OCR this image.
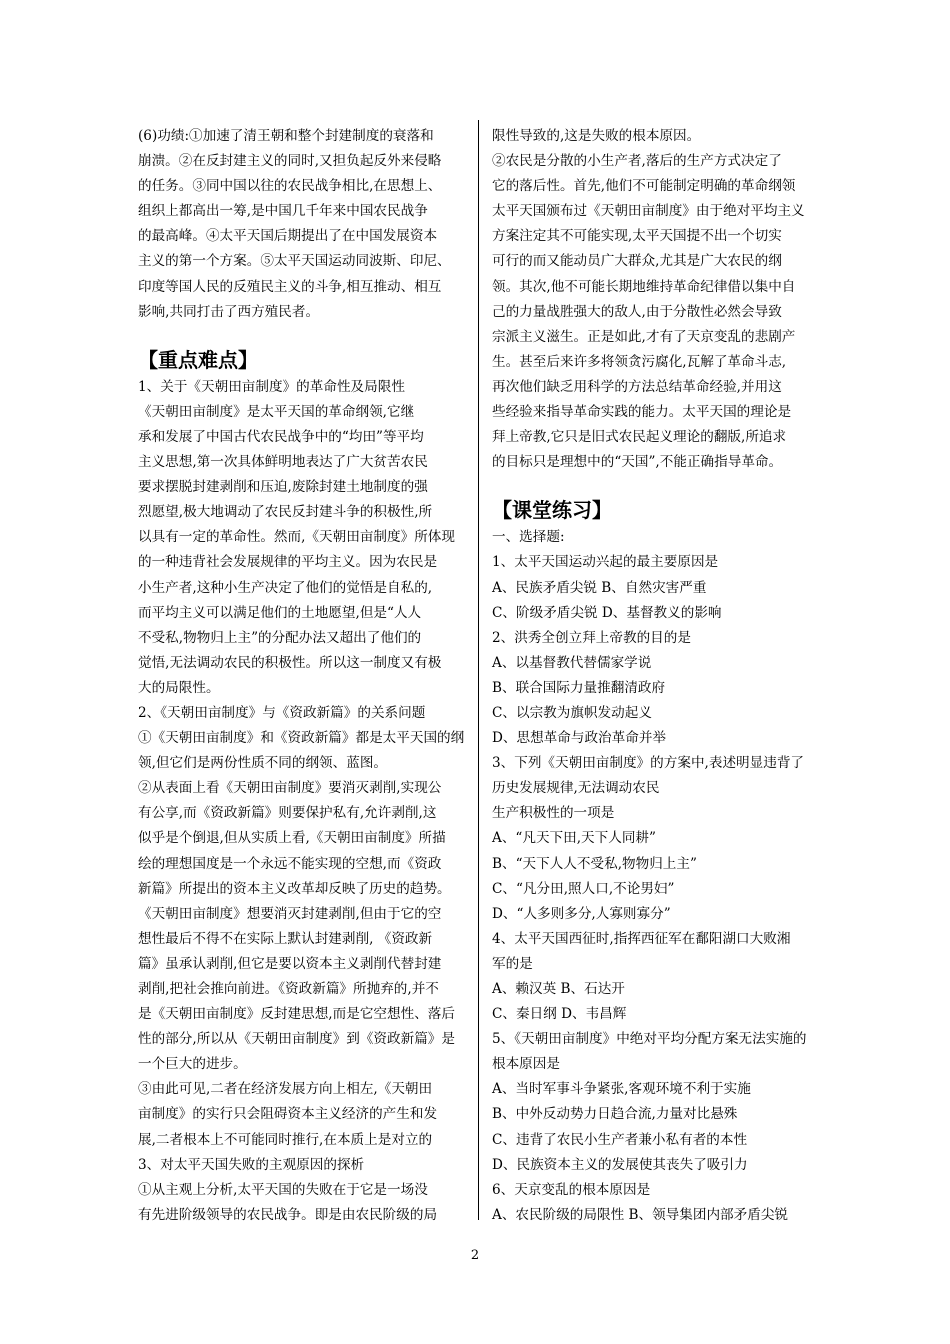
(6)功绩:①加速了清王朝和整个封建制度的衰落和
崩溃。②在反封建主义的同时,又担负起反外来侵略
的任务。③同中国以往的农民战争相比,在思想上、
组织上都高出一筹,是中国几千年来中国农民战争
的最高峰。④太平天国后期提出了在中国发展资本
主义的第一个方案。⑤太平天国运动同波斯、印尼、
印度等国人民的反殖民主义的斗争,相互推动、相互
影响,共同打击了西方殖民者。
【重点难点】
1、关于《天朝田亩制度》的革命性及局限性
《天朝田亩制度》是太平天国的革命纲领,它继
承和发展了中国古代农民战争中的“均田”等平均
主义思想,第一次具体鲜明地表达了广大贫苦农民
要求摆脱封建剥削和压迫,废除封建土地制度的强
烈愿望,极大地调动了农民反封建斗争的积极性,所
以具有一定的革命性。然而,《天朝田亩制度》所体现
的一种违背社会发展规律的平均主义。因为农民是
小生产者,这种小生产决定了他们的觉悟是自私的,
而平均主义可以满足他们的土地愿望,但是“人人
不受私,物物归上主”的分配办法又超出了他们的
觉悟,无法调动农民的积极性。所以这一制度又有极
大的局限性。
2、《天朝田亩制度》与《资政新篇》的关系问题
①《天朝田亩制度》和《资政新篇》都是太平天国的纲
领,但它们是两份性质不同的纲领、蓝图。
②从表面上看《天朝田亩制度》要消灭剥削,实现公
有公享,而《资政新篇》则要保护私有,允许剥削,这
似乎是个倒退,但从实质上看,《天朝田亩制度》所描
绘的理想国度是一个永远不能实现的空想,而《资政
新篇》所提出的资本主义改革却反映了历史的趋势。
《天朝田亩制度》想要消灭封建剥削,但由于它的空
想性最后不得不在实际上默认封建剥削, 《资政新
篇》虽承认剥削,但它是要以资本主义剥削代替封建
剥削,把社会推向前进。《资政新篇》所抛弃的,并不
是《天朝田亩制度》反封建思想,而是它空想性、落后
性的部分,所以从《天朝田亩制度》到《资政新篇》是
一个巨大的进步。
③由此可见,二者在经济发展方向上相左,《天朝田
亩制度》的实行只会阻碍资本主义经济的产生和发
展,二者根本上不可能同时推行,在本质上是对立的
3、对太平天国失败的主观原因的探析
①从主观上分析,太平天国的失败在于它是一场没
有先进阶级领导的农民战争。即是由农民阶级的局
限性导致的,这是失败的根本原因。
②农民是分散的小生产者,落后的生产方式决定了
它的落后性。首先,他们不可能制定明确的革命纲领
太平天国颁布过《天朝田亩制度》由于绝对平均主义
方案注定其不可能实现,太平天国提不出一个切实
可行的而又能动员广大群众,尤其是广大农民的纲
领。其次,他不可能长期地维持革命纪律借以集中自
己的力量战胜强大的敌人,由于分散性必然会导致
宗派主义滋生。正是如此,才有了天京变乱的悲剧产
生。甚至后来许多将领贪污腐化,瓦解了革命斗志,
再次他们缺乏用科学的方法总结革命经验,并用这
些经验来指导革命实践的能力。太平天国的理论是
拜上帝教,它只是旧式农民起义理论的翻版,所追求
的目标只是理想中的“天国”,不能正确指导革命。
【课堂练习】
一、选择题:
1、太平天国运动兴起的最主要原因是
A、民族矛盾尖锐 B、自然灾害严重
C、阶级矛盾尖锐 D、基督教义的影响
2、洪秀全创立拜上帝教的目的是
A、以基督教代替儒家学说
B、联合国际力量推翻清政府
C、以宗教为旗帜发动起义
D、思想革命与政治革命并举
3、下列《天朝田亩制度》的方案中,表述明显违背了
历史发展规律,无法调动农民
生产积极性的一项是
A、“凡天下田,天下人同耕”
B、“天下人人不受私,物物归上主”
C、“凡分田,照人口,不论男妇”
D、“人多则多分,人寡则寡分”
4、太平天国西征时,指挥西征军在鄱阳湖口大败湘
军的是
A、赖汉英 B、石达开
C、秦日纲 D、韦昌辉
5、《天朝田亩制度》中绝对平均分配方案无法实施的
根本原因是
A、当时军事斗争紧张,客观环境不利于实施
B、中外反动势力日趋合流,力量对比悬殊
C、违背了农民小生产者兼小私有者的本性
D、民族资本主义的发展使其丧失了吸引力
6、天京变乱的根本原因是
A、农民阶级的局限性 B、领导集团内部矛盾尖锐
2
